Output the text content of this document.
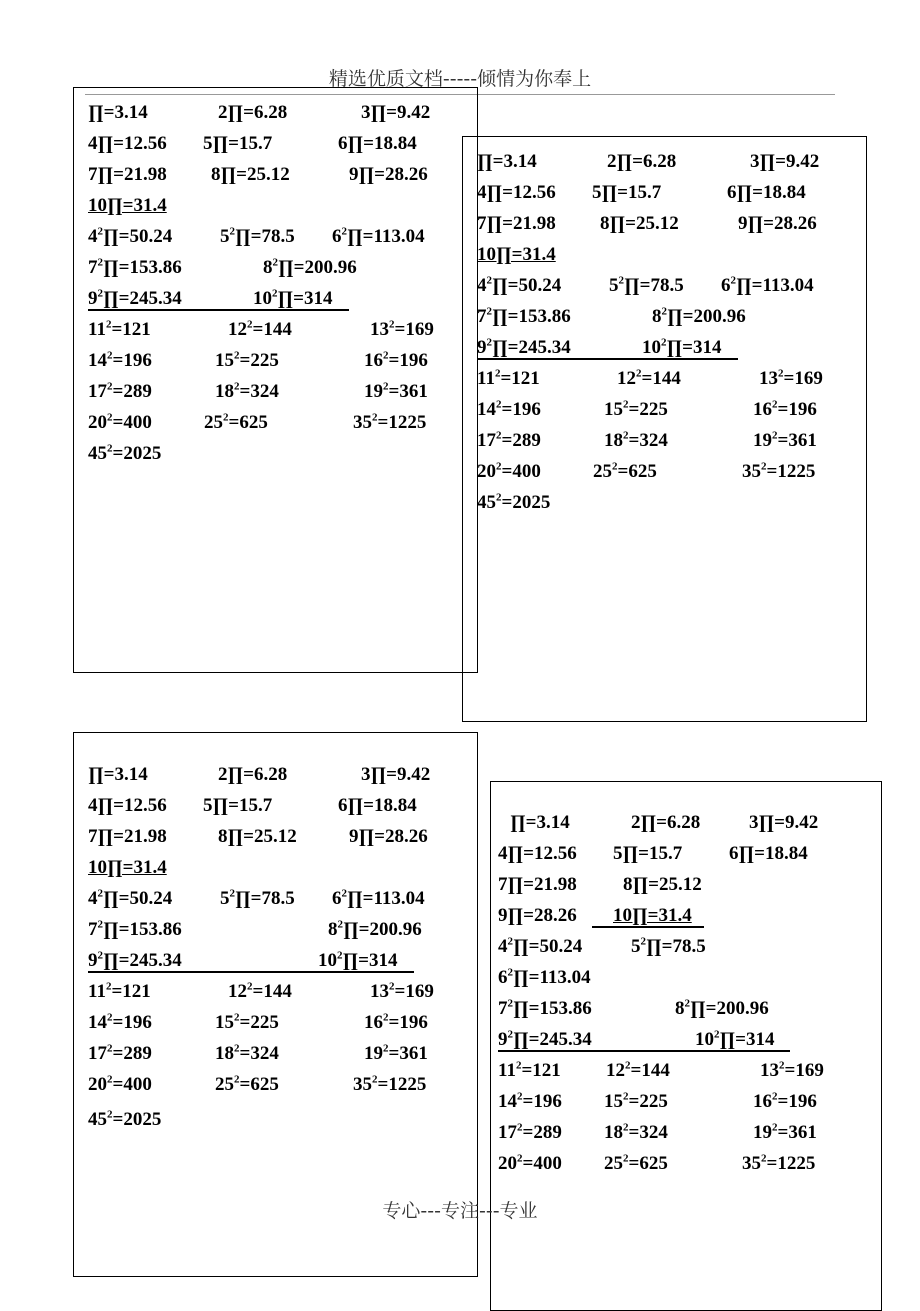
精选优质文档-----倾情为你奉上
∏=3.14	2∏=6.28	3∏=9.42
4∏=12.56 5∏=15.7	6∏=18.84
7∏=21.98 8∏=25.12	9∏=28.26
10∏=31.4
$4^2\prod=50.24$	$5^2\prod=78.5$ $6^2\prod=113.04$
$7^2\prod=153.86$	$8^2\prod=200.96$
$9^2\prod=245.34$	$10^2\prod=314$
$11^2=121$	$12^2=144$	$13^2=169$
$14^2=196$	$15^2=225$	$16^2=196$
$17^2=289$	$18^2=324$	$19^2=361$
$20^2=400$	$25^2=625$	$35^2=1225$
$45^2=2025$
∏=3.14	2∏=6.28	3∏=9.42
4∏=12.56 5∏=15.7	6∏=18.84
7∏=21.98 8∏=25.12	9∏=28.26
10∏=31.4
$4^2\prod=50.24$	$5^2\prod=78.5$ $6^2\prod=113.04$
$7^2\prod=153.86$	$8^2\prod=200.96$
$9^2\prod=245.34$	$10^2\prod=314$
$11^2=121$	$12^2=144$	$13^2=169$
$14^2=196$	$15^2=225$	$16^2=196$
$17^2=289$	$18^2=324$	$19^2=361$
$20^2=400$	$25^2=625$	$35^2=1225$
$45^2=2025$
∏=3.14	2∏=6.28	3∏=9.42
4∏=12.56 5∏=15.7	6∏=18.84
7∏=21.98	8∏=25.12	9∏=28.26
10∏=31.4
$4^2\prod=50.24$	$5^2\prod=78.5$ $6^2\prod=113.04$
$7^2\prod=153.86$	$8^2\prod=200.96$
$9^2\prod=245.34$	$10^2\prod=314$
$11^2=121$	$12^2=144$	$13^2=169$
$14^2=196$	$15^2=225$	$16^2=196$
$17^2=289$	$18^2=324$	$19^2=361$
$20^2=400$	$25^2=625$	$35^2=1225$
$45^2=2025$
∏=3.14	2∏=6.28	3∏=9.42
4∏=12.56 5∏=15.7 6∏=18.84
7∏=21.98 8∏=25.12
9∏=28.26 10∏=31.4
$4^2\prod=50.24$	$5^2\prod=78.5$
$6^2\prod=113.04$
$7^2\prod=153.86$	$8^2\prod=200.96$
$9^2\prod=245.34$	$10^2\prod=314$
$11^2=121$ $12^2=144$	$13^2=169$
$14^2=196$ $15^2=225$	$16^2=196$
$17^2=289$ $18^2=324$	$19^2=361$
$20^2=400$ $25^2=625$	$35^2=1225$
专心---专注---专业
